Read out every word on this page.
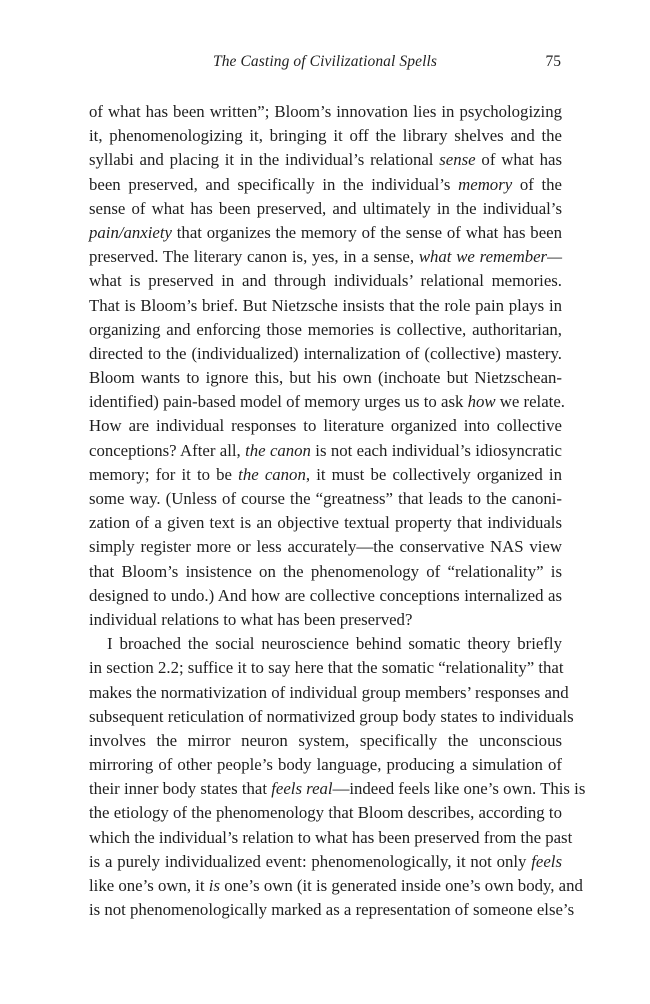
The Casting of Civilizational Spells	75
of what has been written”; Bloom’s innovation lies in psychologizing
it, phenomenologizing it, bringing it off the library shelves and the
syllabi and placing it in the individual’s relational sense of what has
been preserved, and specifically in the individual’s memory of the
sense of what has been preserved, and ultimately in the individual’s
pain/anxiety that organizes the memory of the sense of what has been
preserved. The literary canon is, yes, in a sense, what we remember—
what is preserved in and through individuals’ relational memories.
That is Bloom’s brief. But Nietzsche insists that the role pain plays in
organizing and enforcing those memories is collective, authoritarian,
directed to the (individualized) internalization of (collective) mastery.
Bloom wants to ignore this, but his own (inchoate but Nietzschean-
identified) pain-based model of memory urges us to ask how we relate.
How are individual responses to literature organized into collective
conceptions? After all, the canon is not each individual’s idiosyncratic
memory; for it to be the canon, it must be collectively organized in
some way. (Unless of course the “greatness” that leads to the canoni-
zation of a given text is an objective textual property that individuals
simply register more or less accurately—the conservative NAS view
that Bloom’s insistence on the phenomenology of “relationality” is
designed to undo.) And how are collective conceptions internalized as
individual relations to what has been preserved?
I broached the social neuroscience behind somatic theory briefly
in section 2.2; suffice it to say here that the somatic “relationality” that
makes the normativization of individual group members’ responses and
subsequent reticulation of normativized group body states to individuals
involves the mirror neuron system, specifically the unconscious
mirroring of other people’s body language, producing a simulation of
their inner body states that feels real—indeed feels like one’s own. This is
the etiology of the phenomenology that Bloom describes, according to
which the individual’s relation to what has been preserved from the past
is a purely individualized event: phenomenologically, it not only feels
like one’s own, it is one’s own (it is generated inside one’s own body, and
is not phenomenologically marked as a representation of someone else’s
